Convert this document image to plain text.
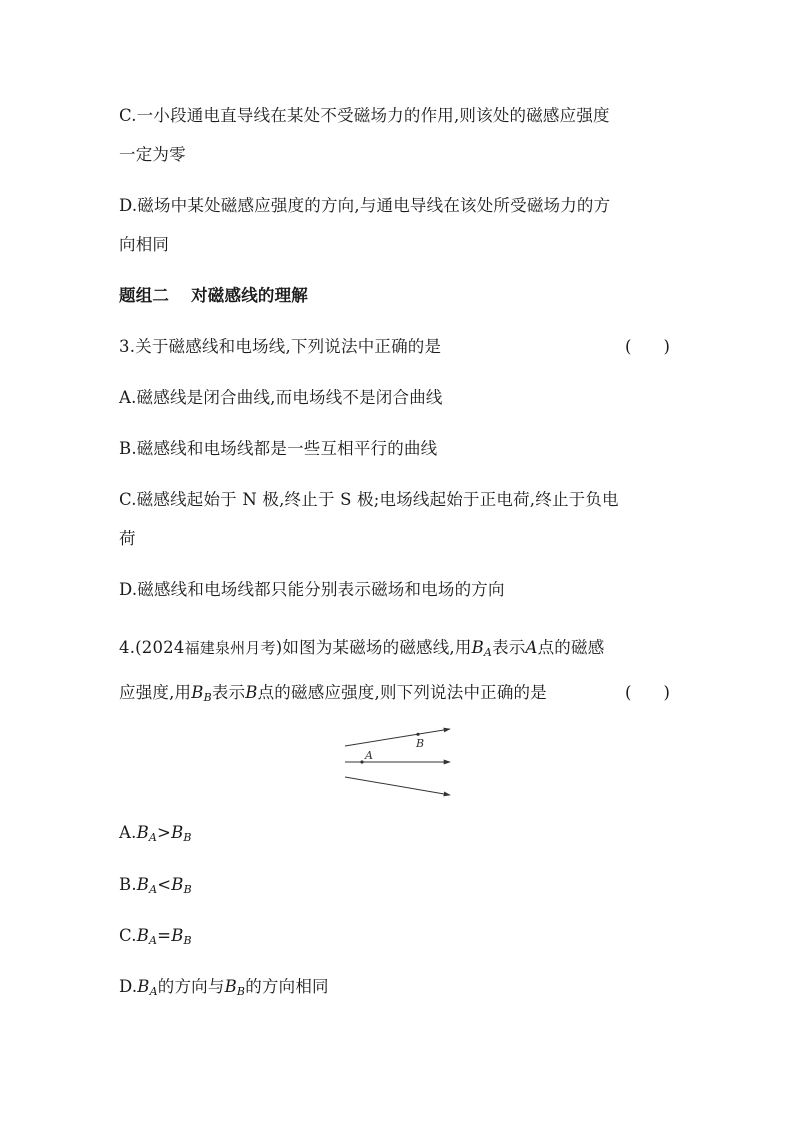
C.一小段通电直导线在某处不受磁场力的作用,则该处的磁感应强度
一定为零
D.磁场中某处磁感应强度的方向,与通电导线在该处所受磁场力的方
向相同
题组二 对磁感线的理解
3.关于磁感线和电场线,下列说法中正确的是	( )
A.磁感线是闭合曲线,而电场线不是闭合曲线
B.磁感线和电场线都是一些互相平行的曲线
C.磁感线起始于 N 极,终止于 S 极;电场线起始于正电荷,终止于负电
荷
D.磁感线和电场线都只能分别表示磁场和电场的方向
4.(2024福建泉州月考)如图为某磁场的磁感线,用$B_A$表示A点的磁感
应强度,用$B_B$表示B点的磁感应强度,则下列说法中正确的是	( )
B
A
$A.B_A>B_B$
$B.B_A<B_B$
$C.B_A=B_B$
$D.B_A$的方向与$B_B$的方向相同
